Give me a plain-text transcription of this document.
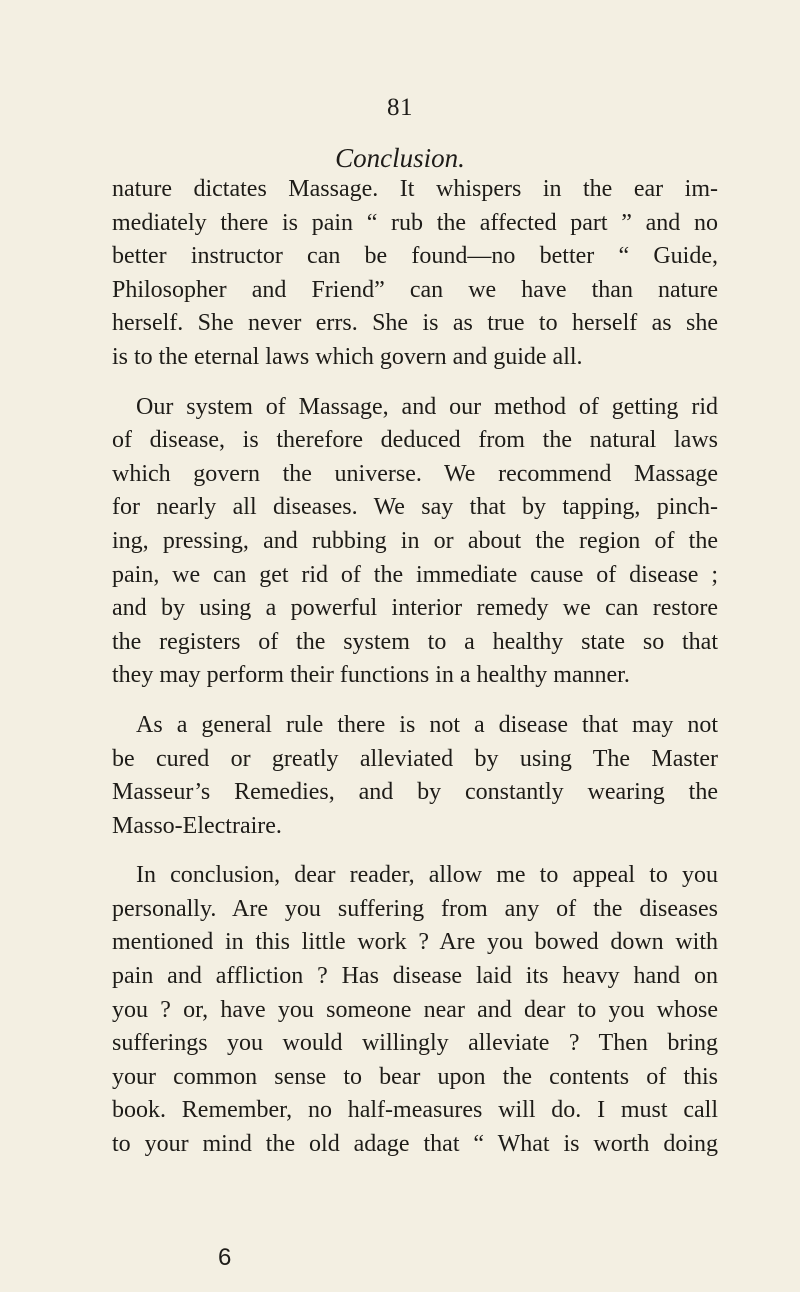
81
Conclusion.

nature dictates Massage. It whispers in the ear im-
mediately there is pain “ rub the affected part ” and no
better instructor can be found—no better “ Guide,
Philosopher and Friend” can we have than nature
herself. She never errs. She is as true to herself as she
is to the eternal laws which govern and guide all.

Our system of Massage, and our method of getting rid
of disease, is therefore deduced from the natural laws
which govern the universe. We recommend Massage
for nearly all diseases. We say that by tapping, pinch-
ing, pressing, and rubbing in or about the region of the
pain, we can get rid of the immediate cause of disease ;
and by using a powerful interior remedy we can restore
the registers of the system to a healthy state so that
they may perform their functions in a healthy manner.

As a general rule there is not a disease that may not
be cured or greatly alleviated by using The Master
Masseur’s Remedies, and by constantly wearing the
Masso-Electraire.

In conclusion, dear reader, allow me to appeal to you
personally. Are you suffering from any of the diseases
mentioned in this little work ? Are you bowed down with
pain and affliction ? Has disease laid its heavy hand on
you ? or, have you someone near and dear to you whose
sufferings you would willingly alleviate ? Then bring
your common sense to bear upon the contents of this
book. Remember, no half-measures will do. I must call
to your mind the old adage that “ What is worth doing

6
